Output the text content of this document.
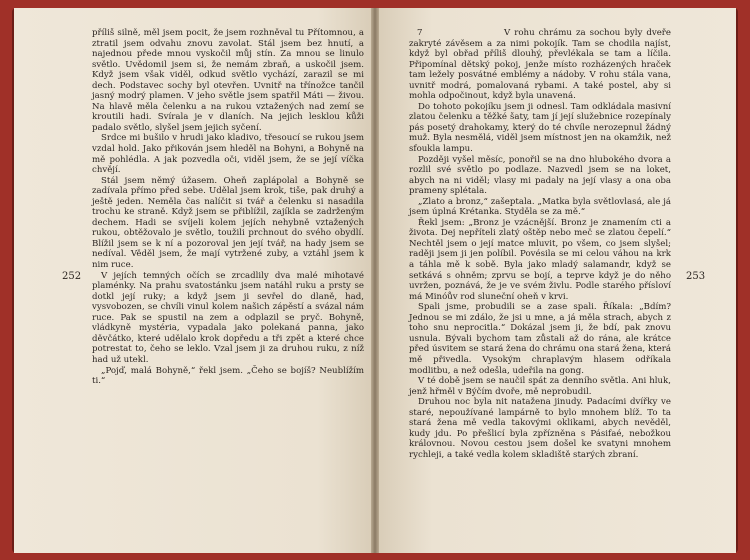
252

příliš silně, měl jsem pocit, že jsem rozhněval tu Přítomnou, a ztratil jsem odvahu znovu zavolat. Stál jsem bez hnutí, a najednou přede mnou vyskočil můj stín. Za mnou se linulo světlo. Uvědomil jsem si, že nemám zbraň, a uskočil jsem. Když jsem však viděl, odkud světlo vychází, zarazil se mi dech. Podstavec sochy byl otevřen. Uvnitř na třínožce tančil jasný modrý plamen. V jeho světle jsem spatřil Máti — živou. Na hlavě měla čelenku a na rukou vztažených nad zemí se kroutili hadi. Svírala je v dlaních. Na jejich lesklou kůži padalo světlo, slyšel jsem jejich syčení.

Srdce mi bušilo v hrudi jako kladivo, třesoucí se rukou jsem vzdal hold. Jako přikován jsem hleděl na Bohyni, a Bohyně na mě pohlédla. A jak pozvedla oči, viděl jsem, že se její víčka chvějí.

Stál jsem němý úžasem. Oheň zaplápolal a Bohyně se zadívala přímo před sebe. Udělal jsem krok, tiše, pak druhý a ještě jeden. Neměla čas nalíčit si tvář a čelenku si nasadila trochu ke straně. Když jsem se přiblížil, zajíkla se zadrženým dechem. Hadi se svíjeli kolem jejích nehybně vztažených rukou, obtěžovalo je světlo, toužili prchnout do svého obydlí. Blížil jsem se k ní a pozoroval jen její tvář, na hady jsem se nedíval. Věděl jsem, že mají vytržené zuby, a vztáhl jsem k nim ruce.

V jejích temných očích se zrcadlily dva malé mihotavé plaménky. Na prahu svatostánku jsem natáhl ruku a prsty se dotkl její ruky; a když jsem ji sevřel do dlaně, had, vysvobozen, se chvíli vinul kolem našich zápěstí a svázal nám ruce. Pak se spustil na zem a odplazil se pryč. Bohyně, vládkyně mystéria, vypadala jako polekaná panna, jako děvčátko, které udělalo krok dopředu a tři zpět a které chce potrestat to, čeho se leklo. Vzal jsem ji za druhou ruku, z níž had už utekl.

„Pojď, malá Bohyně,“ řekl jsem. „Čeho se bojíš? Neublížím ti.“

7
253

V rohu chrámu za sochou byly dveře zakryté závěsem a za nimi pokojík. Tam se chodila najíst, když byl obřad příliš dlouhý, převlékala se tam a líčila. Připomínal dětský pokoj, jenže místo rozházených hraček tam ležely posvátné emblémy a nádoby. V rohu stála vana, uvnitř modrá, pomalovaná rybami. A také postel, aby si mohla odpočinout, když byla unavená.

Do tohoto pokojíku jsem ji odnesl. Tam odkládala masivní zlatou čelenku a těžké šaty, tam jí její služebnice rozepínaly pás posetý drahokamy, který do té chvíle nerozepnul žádný muž. Byla nesmělá, viděl jsem místnost jen na okamžik, než sfoukla lampu.

Později vyšel měsíc, ponořil se na dno hlubokého dvora a rozlil své světlo po podlaze. Nazvedl jsem se na loket, abych na ni viděl; vlasy mi padaly na její vlasy a ona oba prameny splétala.

„Zlato a bronz,“ zašeptala. „Matka byla světlovlasá, ale já jsem úplná Krétanka. Styděla se za mě.“

Řekl jsem: „Bronz je vzácnější. Bronz je znamením cti a života. Dej nepříteli zlatý oštěp nebo meč se zlatou čepelí.“ Nechtěl jsem o její matce mluvit, po všem, co jsem slyšel; raději jsem ji jen políbil. Povésila se mi celou váhou na krk a táhla mě k sobě. Byla jako mladý salamandr, když se setkává s ohněm; zprvu se bojí, a teprve když je do něho uvržen, poznává, že je ve svém živlu. Podle starého přísloví má Minóův rod slunеční oheň v krvi.

Spali jsme, probudili se a zase spali. Říkala: „Bdím? Jednou se mi zdálo, že jsi u mne, a já měla strach, abych z toho snu neprocitla.“ Dokázal jsem ji, že bdí, pak znovu usnula. Bývali bychom tam zůstali až do rána, ale krátce před úsvitem se stará žena do chrámu ona stará žena, která mě přivedla. Vysokým chraplavým hlasem odříkala modlitbu, a než odešla, udeřila na gong.

V té době jsem se naučil spát za denního světla. Ani hluk, jenž hřměl v Býčím dvoře, mě neprobudil.

Druhou noc byla nit natažena jinudy. Padacími dvířky ve staré, nepoužívané lampárně to bylo mnohem blíž. To ta stará žena mě vedla takovými oklikami, abych nevěděl, kudy jdu. Po přešlicí byla zpřízněna s Pásifaé, nebožkou královnou. Novou cestou jsem došel ke svatyni mnohem rychleji, a také vedla kolem skladiště starých zbraní.
